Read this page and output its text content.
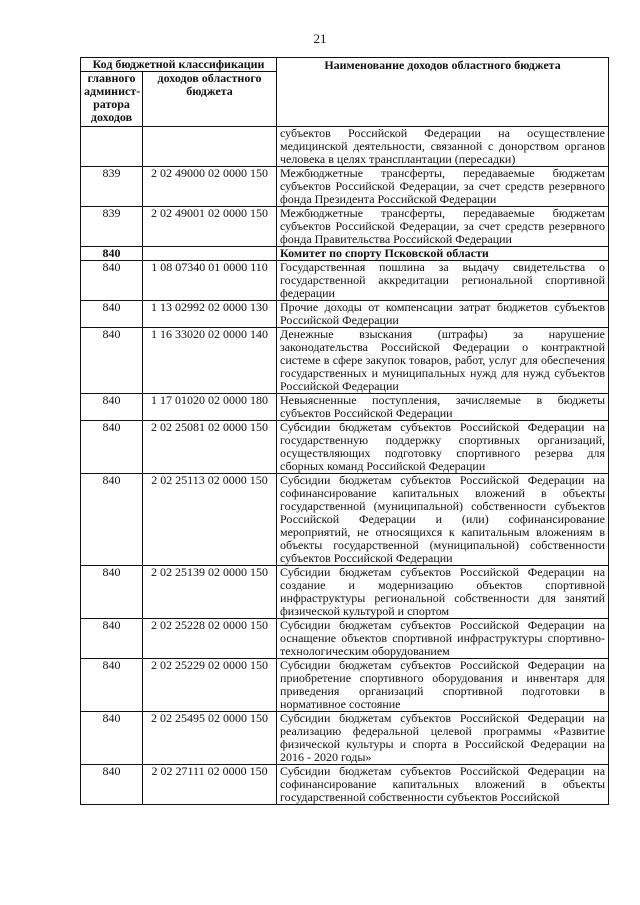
21
Код бюджетной классификации		Наименование доходов областного бюджета
главного админист-ратора доходов	доходов областного бюджета	
		субъектов Российской Федерации на осуществление медицинской деятельности, связанной с донорством органов человека в целях трансплантации (пересадки)
839	2 02 49000 02 0000 150	Межбюджетные трансферты, передаваемые бюджетам субъектов Российской Федерации, за счет средств резервного фонда Президента Российской Федерации
839	2 02 49001 02 0000 150	Межбюджетные трансферты, передаваемые бюджетам субъектов Российской Федерации, за счет средств резервного фонда Правительства Российской Федерации
840		Комитет по спорту Псковской области
840	1 08 07340 01 0000 110	Государственная пошлина за выдачу свидетельства о государственной аккредитации региональной спортивной федерации
840	1 13 02992 02 0000 130	Прочие доходы от компенсации затрат бюджетов субъектов Российской Федерации
840	1 16 33020 02 0000 140	Денежные взыскания (штрафы) за нарушение законодательства Российской Федерации о контрактной системе в сфере закупок товаров, работ, услуг для обеспечения государственных и муниципальных нужд для нужд субъектов Российской Федерации
840	1 17 01020 02 0000 180	Невыясненные поступления, зачисляемые в бюджеты субъектов Российской Федерации
840	2 02 25081 02 0000 150	Субсидии бюджетам субъектов Российской Федерации на государственную поддержку спортивных организаций, осуществляющих подготовку спортивного резерва для сборных команд Российской Федерации
840	2 02 25113 02 0000 150	Субсидии бюджетам субъектов Российской Федерации на софинансирование капитальных вложений в объекты государственной (муниципальной) собственности субъектов Российской Федерации и (или) софинансирование мероприятий, не относящихся к капитальным вложениям в объекты государственной (муниципальной) собственности субъектов Российской Федерации
840	2 02 25139 02 0000 150	Субсидии бюджетам субъектов Российской Федерации на создание и модернизацию объектов спортивной инфраструктуры региональной собственности для занятий физической культурой и спортом
840	2 02 25228 02 0000 150	Субсидии бюджетам субъектов Российской Федерации на оснащение объектов спортивной инфраструктуры спортивно-технологическим оборудованием
840	2 02 25229 02 0000 150	Субсидии бюджетам субъектов Российской Федерации на приобретение спортивного оборудования и инвентаря для приведения организаций спортивной подготовки в нормативное состояние
840	2 02 25495 02 0000 150	Субсидии бюджетам субъектов Российской Федерации на реализацию федеральной целевой программы «Развитие физической культуры и спорта в Российской Федерации на 2016 - 2020 годы»
840	2 02 27111 02 0000 150	Субсидии бюджетам субъектов Российской Федерации на софинансирование капитальных вложений в объекты государственной собственности субъектов Российской
